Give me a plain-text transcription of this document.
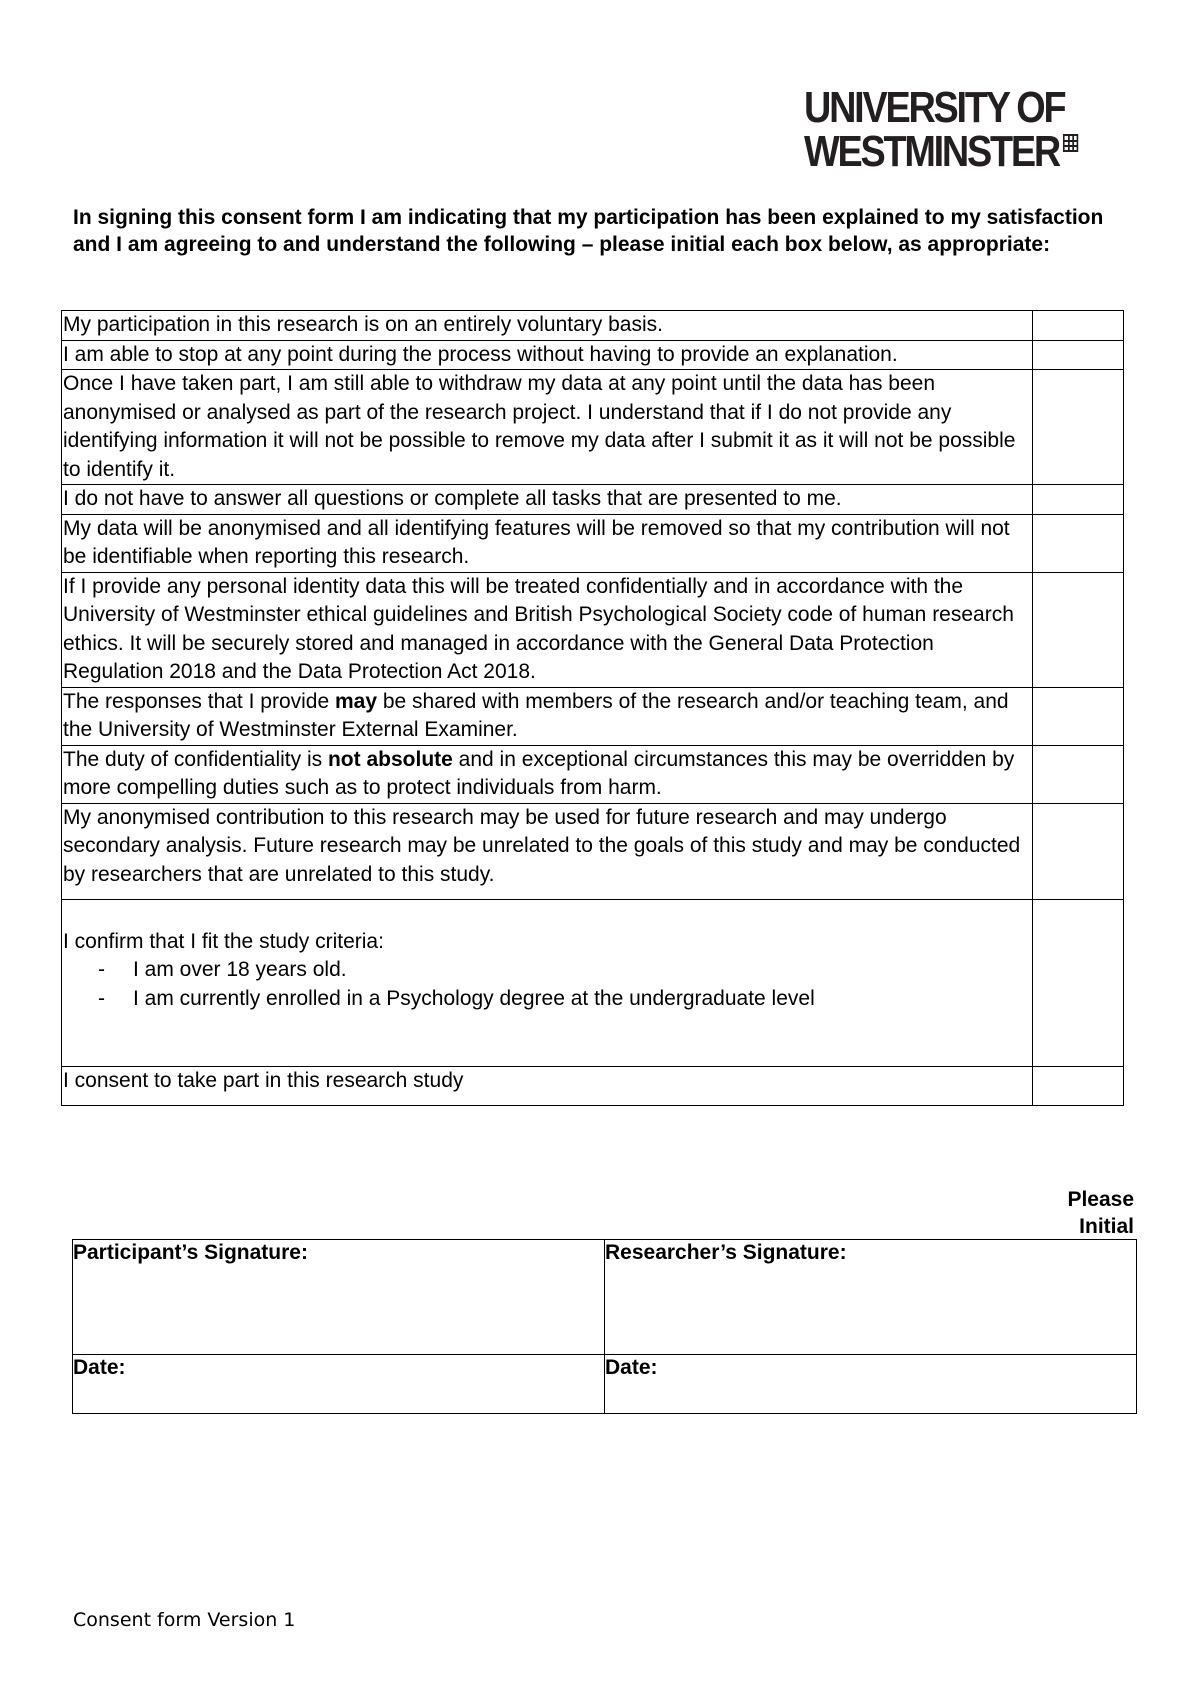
UNIVERSITY OF
WESTMINSTER
In signing this consent form I am indicating that my participation has been explained to my satisfaction and I am agreeing to and understand the following – please initial each box below, as appropriate:
My participation in this research is on an entirely voluntary basis.	
I am able to stop at any point during the process without having to provide an explanation.	
Once I have taken part, I am still able to withdraw my data at any point until the data has been anonymised or analysed as part of the research project. I understand that if I do not provide any identifying information it will not be possible to remove my data after I submit it as it will not be possible to identify it.	
I do not have to answer all questions or complete all tasks that are presented to me.	
My data will be anonymised and all identifying features will be removed so that my contribution will not be identifiable when reporting this research.	
If I provide any personal identity data this will be treated confidentially and in accordance with the University of Westminster ethical guidelines and British Psychological Society code of human research ethics. It will be securely stored and managed in accordance with the General Data Protection Regulation 2018 and the Data Protection Act 2018.	
The responses that I provide may be shared with members of the research and/or teaching team, and the University of Westminster External Examiner.	
The duty of confidentiality is not absolute and in exceptional circumstances this may be overridden by more compelling duties such as to protect individuals from harm.	
My anonymised contribution to this research may be used for future research and may undergo secondary analysis. Future research may be unrelated to the goals of this study and may be conducted by researchers that are unrelated to this study.	
I confirm that I fit the study criteria:
- I am over 18 years old.
- I am currently enrolled in a Psychology degree at the undergraduate level	

I consent to take part in this research study	
Please Initial
Participant’s Signature:	Researcher’s Signature:
Date:	Date:
Consent form Version 1
